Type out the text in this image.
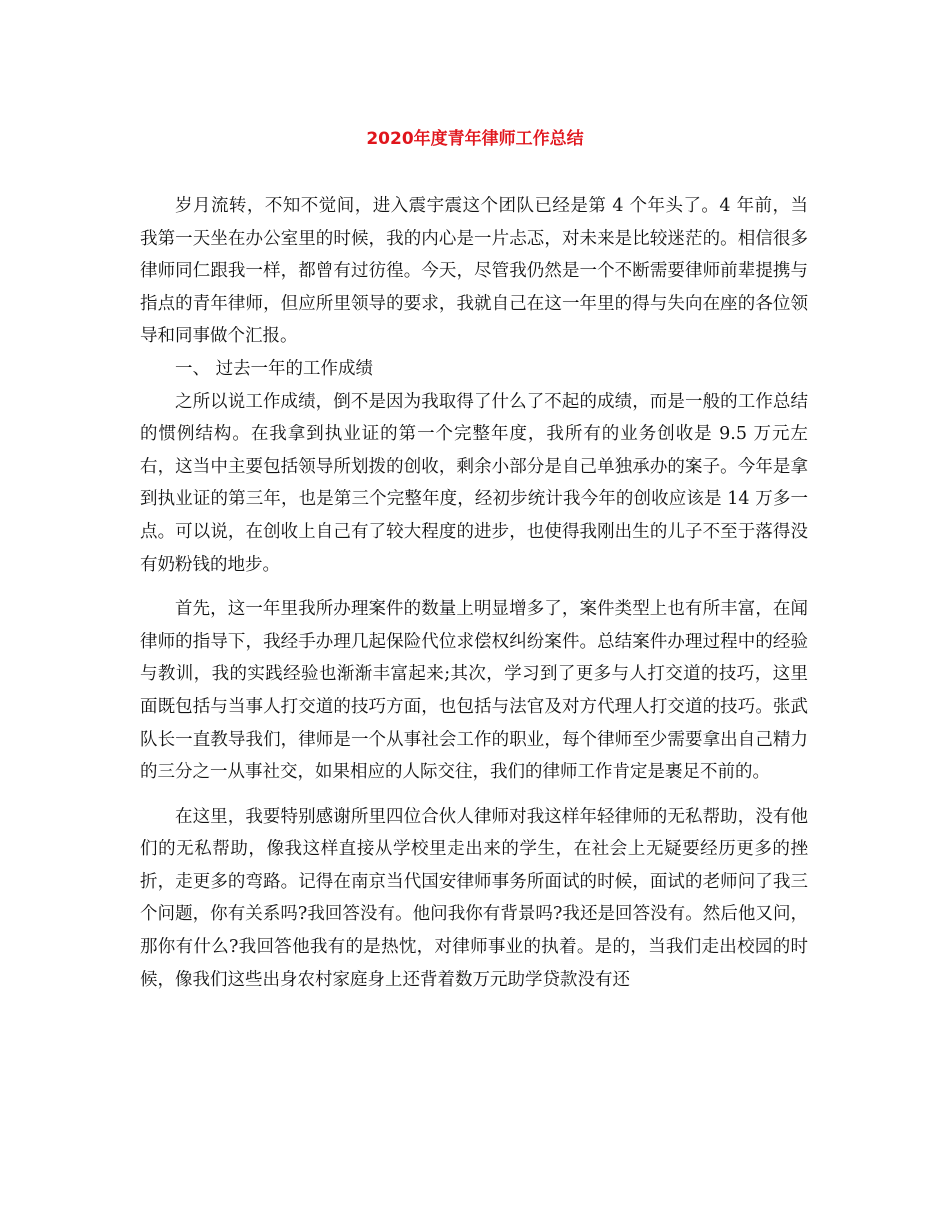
2020年度青年律师工作总结

岁月流转，不知不觉间，进入震宇震这个团队已经是第 4 个年头了。4 年前，当我第一天坐在办公室里的时候，我的内心是一片忐忑，对未来是比较迷茫的。相信很多律师同仁跟我一样，都曾有过彷徨。今天，尽管我仍然是一个不断需要律师前辈提携与指点的青年律师，但应所里领导的要求，我就自己在这一年里的得与失向在座的各位领导和同事做个汇报。

一、 过去一年的工作成绩

之所以说工作成绩，倒不是因为我取得了什么了不起的成绩，而是一般的工作总结的惯例结构。在我拿到执业证的第一个完整年度，我所有的业务创收是 9.5 万元左右，这当中主要包括领导所划拨的创收，剩余小部分是自己单独承办的案子。今年是拿到执业证的第三年，也是第三个完整年度，经初步统计我今年的创收应该是 14 万多一点。可以说，在创收上自己有了较大程度的进步，也使得我刚出生的儿子不至于落得没有奶粉钱的地步。

首先，这一年里我所办理案件的数量上明显增多了，案件类型上也有所丰富，在闻律师的指导下，我经手办理几起保险代位求偿权纠纷案件。总结案件办理过程中的经验与教训，我的实践经验也渐渐丰富起来;其次，学习到了更多与人打交道的技巧，这里面既包括与当事人打交道的技巧方面，也包括与法官及对方代理人打交道的技巧。张武队长一直教导我们，律师是一个从事社会工作的职业，每个律师至少需要拿出自己精力的三分之一从事社交，如果相应的人际交往，我们的律师工作肯定是裹足不前的。

在这里，我要特别感谢所里四位合伙人律师对我这样年轻律师的无私帮助，没有他们的无私帮助，像我这样直接从学校里走出来的学生，在社会上无疑要经历更多的挫折，走更多的弯路。记得在南京当代国安律师事务所面试的时候，面试的老师问了我三个问题，你有关系吗?我回答没有。他问我你有背景吗?我还是回答没有。然后他又问，那你有什么?我回答他我有的是热忱，对律师事业的执着。是的，当我们走出校园的时候，像我们这些出身农村家庭身上还背着数万元助学贷款没有还
